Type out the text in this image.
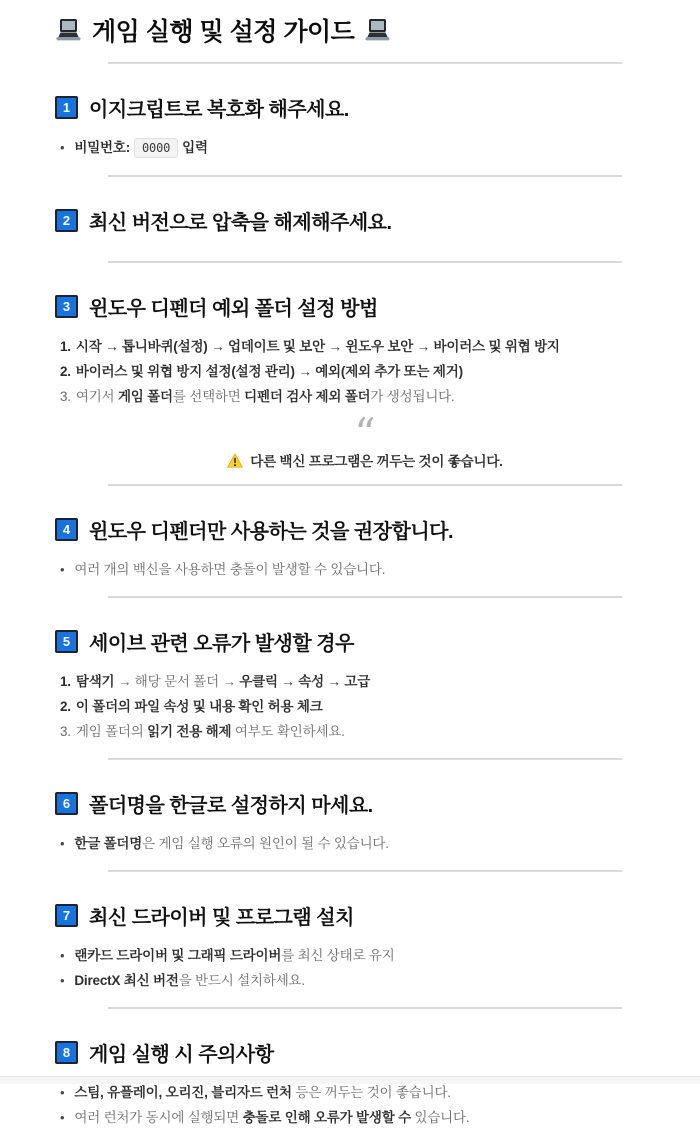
게임 실행 및 설정 가이드
1 이지크립트로 복호화 해주세요.
• 비밀번호: 0000 입력
2 최신 버전으로 압축을 해제해주세요.
3 윈도우 디펜더 예외 폴더 설정 방법
1. 시작 → 톱니바퀴(설정) → 업데이트 및 보안 → 윈도우 보안 → 바이러스 및 위협 방지
2. 바이러스 및 위협 방지 설정(설정 관리) → 예외(제외 추가 또는 제거)
3. 여기서 게임 폴더를 선택하면 디펜더 검사 제외 폴더가 생성됩니다.
“
다른 백신 프로그램은 꺼두는 것이 좋습니다.
4 윈도우 디펜더만 사용하는 것을 권장합니다.
• 여러 개의 백신을 사용하면 충돌이 발생할 수 있습니다.
5 세이브 관련 오류가 발생할 경우
1. 탐색기 → 해당 문서 폴더 → 우클릭 → 속성 → 고급
2. 이 폴더의 파일 속성 및 내용 확인 허용 체크
3. 게임 폴더의 읽기 전용 해제 여부도 확인하세요.
6 폴더명을 한글로 설정하지 마세요.
• 한글 폴더명은 게임 실행 오류의 원인이 될 수 있습니다.
7 최신 드라이버 및 프로그램 설치
• 랜카드 드라이버 및 그래픽 드라이버를 최신 상태로 유지
• DirectX 최신 버전을 반드시 설치하세요.
8 게임 실행 시 주의사항
• 스팀, 유플레이, 오리진, 블리자드 런처 등은 꺼두는 것이 좋습니다.
• 여러 런처가 동시에 실행되면 충돌로 인해 오류가 발생할 수 있습니다.
